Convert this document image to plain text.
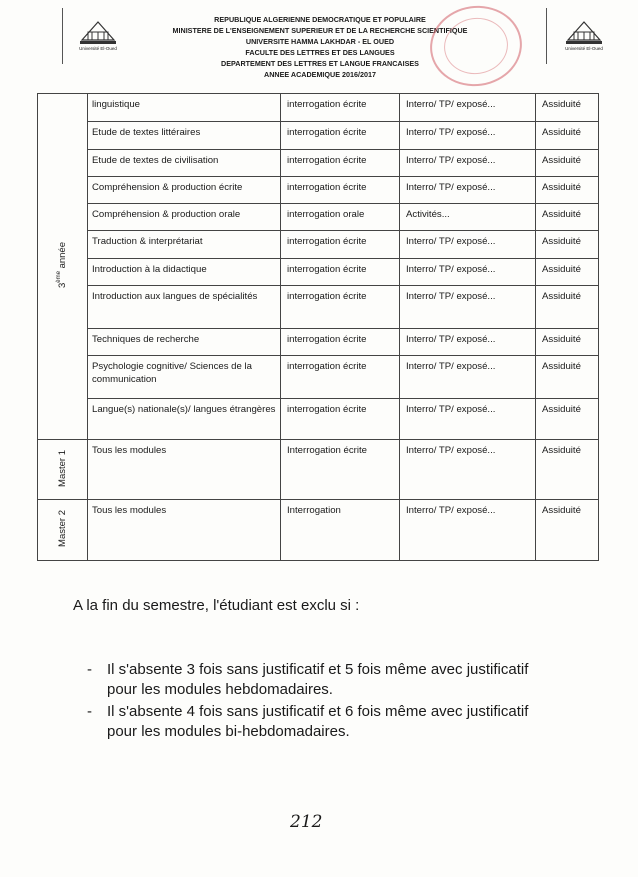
Université El-Oued	Université El-Oued
REPUBLIQUE ALGERIENNE DEMOCRATIQUE ET POPULAIRE
MINISTERE DE L'ENSEIGNEMENT SUPERIEUR ET DE LA RECHERCHE SCIENTIFIQUE
UNIVERSITE HAMMA LAKHDAR - EL OUED
FACULTE DES LETTRES ET DES LANGUES
DEPARTEMENT DES LETTRES ET LANGUE FRANCAISES
ANNEE ACADEMIQUE 2016/2017
3ème année	linguistique	interrogation écrite	Interro/ TP/ exposé...	Assiduité
	Etude de textes littéraires	interrogation écrite	Interro/ TP/ exposé...	Assiduité
	Etude de textes de civilisation	interrogation écrite	Interro/ TP/ exposé...	Assiduité
	Compréhension & production écrite	interrogation écrite	Interro/ TP/ exposé...	Assiduité
	Compréhension & production orale	interrogation orale	Activités...	Assiduité
	Traduction & interprétariat	interrogation écrite	Interro/ TP/ exposé...	Assiduité
	Introduction à la didactique	interrogation écrite	Interro/ TP/ exposé...	Assiduité
	Introduction aux langues de spécialités	interrogation écrite	Interro/ TP/ exposé...	Assiduité
	Techniques de recherche	interrogation écrite	Interro/ TP/ exposé...	Assiduité
	Psychologie cognitive/ Sciences de la communication	interrogation écrite	Interro/ TP/ exposé...	Assiduité
	Langue(s) nationale(s)/ langues étrangères	interrogation écrite	Interro/ TP/ exposé...	Assiduité
Master 1	Tous les modules	Interrogation écrite	Interro/ TP/ exposé...	Assiduité
Master 2	Tous les modules	Interrogation	Interro/ TP/ exposé...	Assiduité
A la fin du semestre, l'étudiant est exclu si :
- Il s'absente 3 fois sans justificatif et 5 fois même avec justificatif pour les modules hebdomadaires.
- Il s'absente 4 fois sans justificatif et 6 fois même avec justificatif pour les modules bi-hebdomadaires.
212
